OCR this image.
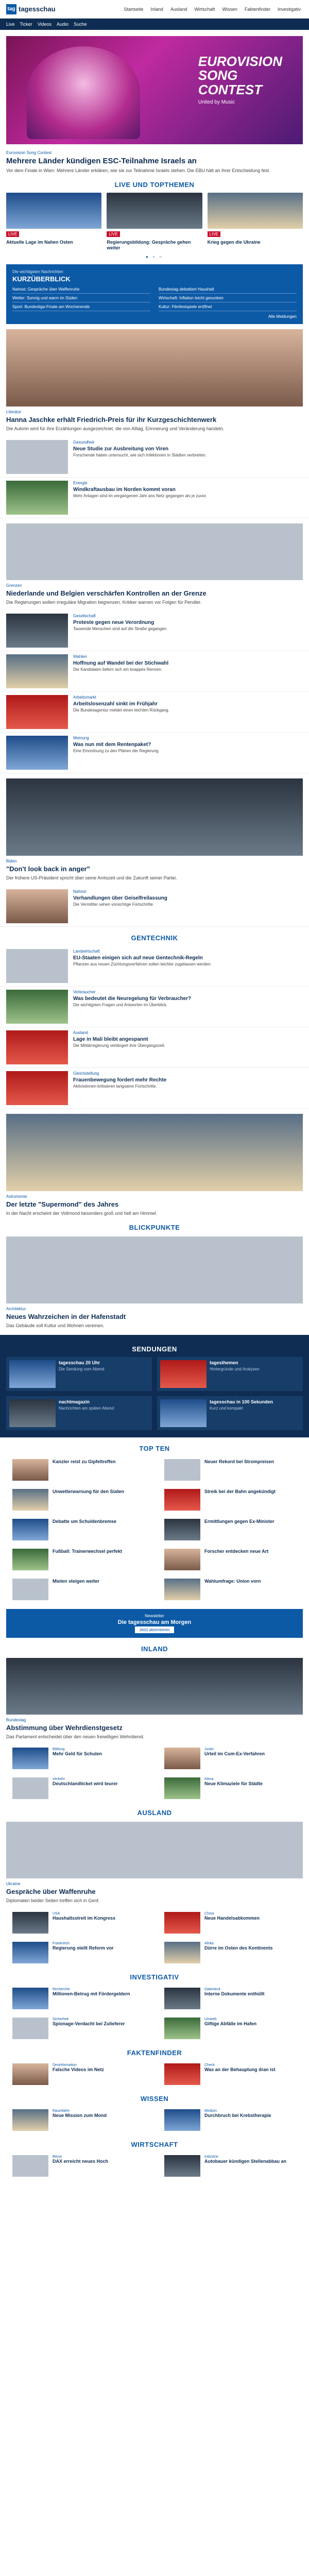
tag tagesschau	Startseite	Inland	Ausland	Wirtschaft	Wissen	Faktenfinder	Investigativ
Live Ticker Videos Audio Suche
EUROVISION
SONG
CONTEST
United by Music
Eurovision Song Contest
Mehrere Länder kündigen ESC-Teilnahme Israels an
Vor dem Finale in Wien: Mehrere Länder erklären, wie sie zur Teilnahme Israels stehen. Die EBU hält an ihrer Entscheidung fest.
LIVE UND TOPTHEMEN
LIVE
Aktuelle Lage im Nahen Osten
LIVE
Regierungsbildung: Gespräche gehen weiter
LIVE
Krieg gegen die Ukraine
● ○ ○
Die wichtigsten Nachrichten
KURZÜBERBLICK
Nahost: Gespräche über Waffenruhe	Bundestag debattiert Haushalt
Wetter: Sonnig und warm im Süden	Wirtschaft: Inflation leicht gesunken
Sport: Bundesliga-Finale am Wochenende	Kultur: Filmfestspiele eröffnet
Alle Meldungen
Literatur
Hanna Jaschke erhält Friedrich-Preis für ihr Kurzgeschichtenwerk
Die Autorin wird für ihre Erzählungen ausgezeichnet, die von Alltag, Erinnerung und Veränderung handeln.
Gesundheit
Neue Studie zur Ausbreitung von Viren
Forschende haben untersucht, wie sich Infektionen in Städten verbreiten.
Energie
Windkraftausbau im Norden kommt voran
Mehr Anlagen sind im vergangenen Jahr ans Netz gegangen als je zuvor.
Grenzen
Niederlande und Belgien verschärfen Kontrollen an der Grenze
Die Regierungen wollen irreguläre Migration begrenzen. Kritiker warnen vor Folgen für Pendler.
Gesellschaft
Proteste gegen neue Verordnung
Tausende Menschen sind auf die Straße gegangen.
Wahlen
Hoffnung auf Wandel bei der Stichwahl
Die Kandidaten liefern sich ein knappes Rennen.
Arbeitsmarkt
Arbeitslosenzahl sinkt im Frühjahr
Die Bundesagentur meldet einen leichten Rückgang.
Meinung
Was nun mit dem Rentenpaket?
Eine Einordnung zu den Plänen der Regierung.
Biden
"Don't look back in anger"
Der frühere US-Präsident spricht über seine Amtszeit und die Zukunft seiner Partei.
Nahost
Verhandlungen über Geiselfreilassung
Die Vermittler sehen vorsichtige Fortschritte.
GENTECHNIK
Landwirtschaft
EU-Staaten einigen sich auf neue Gentechnik-Regeln
Pflanzen aus neuen Züchtungsverfahren sollen leichter zugelassen werden.
Verbraucher
Was bedeutet die Neuregelung für Verbraucher?
Die wichtigsten Fragen und Antworten im Überblick.
Ausland
Lage in Mali bleibt angespannt
Die Militärregierung verlängert ihre Übergangszeit.
Gleichstellung
Frauenbewegung fordert mehr Rechte
Aktivistinnen kritisieren langsame Fortschritte.
Astronomie
Der letzte "Supermond" des Jahres
In der Nacht erscheint der Vollmond besonders groß und hell am Himmel.
BLICKPUNKTE
Architektur
Neues Wahrzeichen in der Hafenstadt
Das Gebäude soll Kultur und Wohnen vereinen.
SENDUNGEN
tagesschau 20 Uhr
Die Sendung vom Abend
tagesthemen
Hintergründe und Analysen
nachtmagazin
Nachrichten am späten Abend
tagesschau in 100 Sekunden
Kurz und kompakt
TOP TEN
Kanzler reist zu Gipfeltreffen	Neuer Rekord bei Strompreisen
Unwetterwarnung für den Süden	Streik bei der Bahn angekündigt
Debatte um Schuldenbremse	Ermittlungen gegen Ex-Minister
Fußball: Trainerwechsel perfekt	Forscher entdecken neue Art
Mieten steigen weiter	Wahlumfrage: Union vorn
Newsletter
Die tagesschau am Morgen
Jetzt abonnieren
INLAND
Bundestag
Abstimmung über Wehrdienstgesetz
Das Parlament entscheidet über den neuen freiwilligen Wehrdienst.
Bildung
Mehr Geld für Schulen
Justiz
Urteil im Cum-Ex-Verfahren
Verkehr
Deutschlandticket wird teurer
Klima
Neue Klimaziele für Städte
AUSLAND
Ukraine
Gespräche über Waffenruhe
Diplomaten beider Seiten treffen sich in Genf.
USA
Haushaltsstreit im Kongress
China
Neue Handelsabkommen
Frankreich
Regierung stellt Reform vor
Afrika
Dürre im Osten des Kontinents
INVESTIGATIV
Recherche
Millionen-Betrug mit Fördergeldern
Datenleck
Interne Dokumente enthüllt
Sicherheit
Spionage-Verdacht bei Zulieferer
Umwelt
Giftige Abfälle im Hafen
FAKTENFINDER
Desinformation
Falsche Videos im Netz
Check
Was an der Behauptung dran ist
WISSEN
Raumfahrt
Neue Mission zum Mond
Medizin
Durchbruch bei Krebstherapie
WIRTSCHAFT
Börse
DAX erreicht neues Hoch
Industrie
Autobauer kündigen Stellenabbau an
